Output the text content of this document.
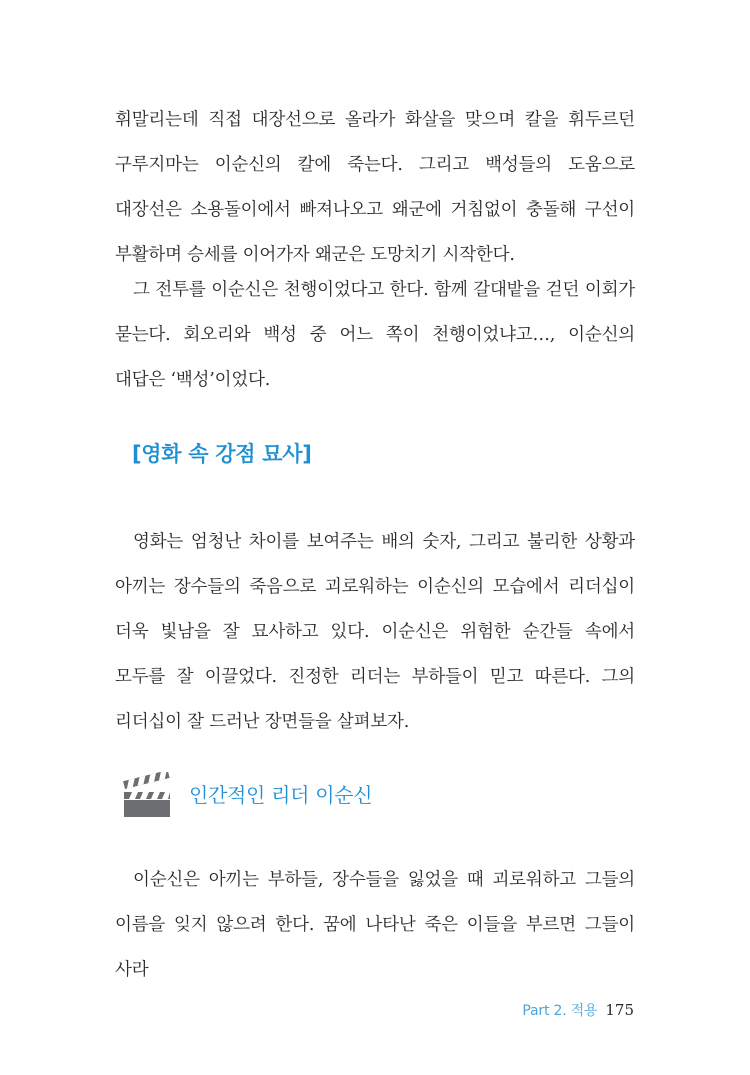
휘말리는데 직접 대장선으로 올라가 화살을 맞으며 칼을 휘두르던 구루지마는 이순신의 칼에 죽는다. 그리고 백성들의 도움으로 대장선은 소용돌이에서 빠져나오고 왜군에 거침없이 충돌해 구선이 부활하며 승세를 이어가자 왜군은 도망치기 시작한다.

그 전투를 이순신은 천행이었다고 한다. 함께 갈대밭을 걷던 이회가 묻는다. 회오리와 백성 중 어느 쪽이 천행이었냐고…, 이순신의 대답은 ‘백성’이었다.

[영화 속 강점 묘사]

영화는 엄청난 차이를 보여주는 배의 숫자, 그리고 불리한 상황과 아끼는 장수들의 죽음으로 괴로워하는 이순신의 모습에서 리더십이 더욱 빛남을 잘 묘사하고 있다. 이순신은 위험한 순간들 속에서 모두를 잘 이끌었다. 진정한 리더는 부하들이 믿고 따른다. 그의 리더십이 잘 드러난 장면들을 살펴보자.

인간적인 리더 이순신

이순신은 아끼는 부하들, 장수들을 잃었을 때 괴로워하고 그들의 이름을 잊지 않으려 한다. 꿈에 나타난 죽은 이들을 부르면 그들이 사라

Part 2. 적용 175
